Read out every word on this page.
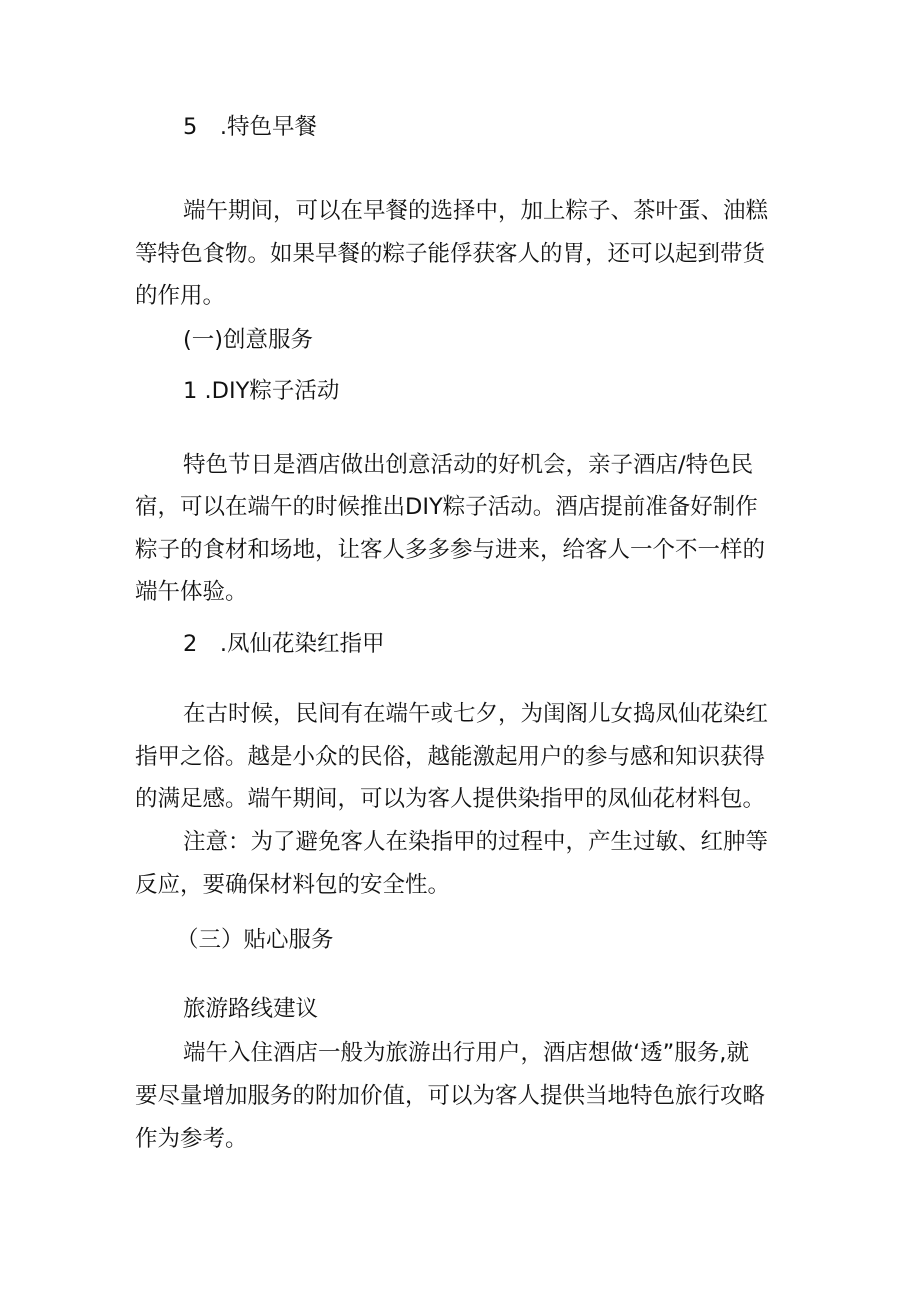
5　.特色早餐
端午期间，可以在早餐的选择中，加上粽子、茶叶蛋、油糕
等特色食物。如果早餐的粽子能俘获客人的胃，还可以起到带货
的作用。
(一)创意服务
1 .DIY粽子活动
特色节日是酒店做出创意活动的好机会，亲子酒店/特色民
宿，可以在端午的时候推出DIY粽子活动。酒店提前准备好制作
粽子的食材和场地，让客人多多参与进来，给客人一个不一样的
端午体验。
2　.凤仙花染红指甲
在古时候，民间有在端午或七夕，为闺阁儿女捣凤仙花染红
指甲之俗。越是小众的民俗，越能激起用户的参与感和知识获得
的满足感。端午期间，可以为客人提供染指甲的凤仙花材料包。
注意：为了避免客人在染指甲的过程中，产生过敏、红肿等
反应，要确保材料包的安全性。
（三）贴心服务
旅游路线建议
端午入住酒店一般为旅游出行用户，酒店想做‘透”服务,就
要尽量增加服务的附加价值，可以为客人提供当地特色旅行攻略
作为参考。
